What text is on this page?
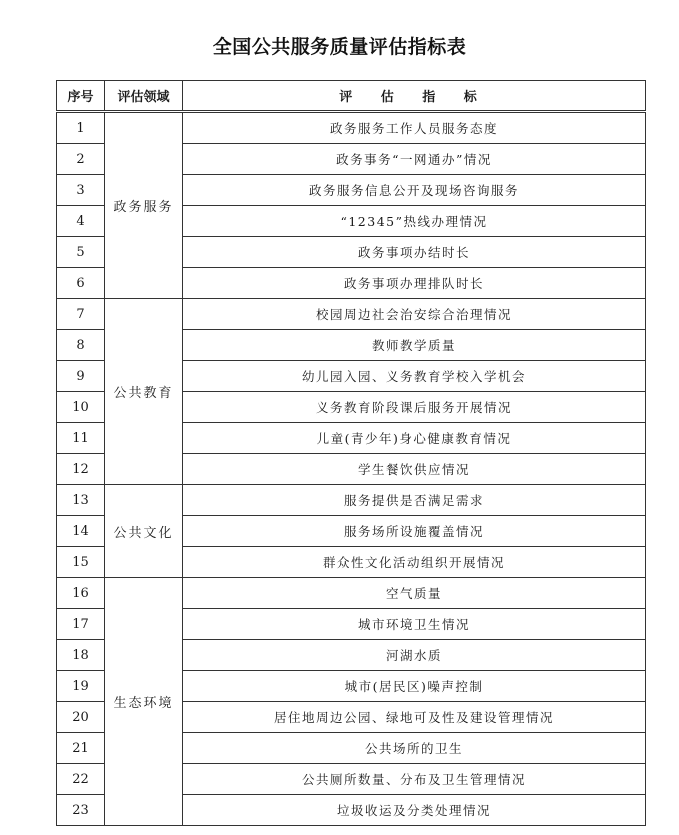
全国公共服务质量评估指标表
序号	评估领域	评 估 指 标
1	政务服务	政务服务工作人员服务态度
2		政务事务“一网通办”情况
3		政务服务信息公开及现场咨询服务
4		“12345”热线办理情况
5		政务事项办结时长
6		政务事项办理排队时长
7	公共教育	校园周边社会治安综合治理情况
8		教师教学质量
9		幼儿园入园、义务教育学校入学机会
10		义务教育阶段课后服务开展情况
11		儿童(青少年)身心健康教育情况
12		学生餐饮供应情况
13	公共文化	服务提供是否满足需求
14		服务场所设施覆盖情况
15		群众性文化活动组织开展情况
16	生态环境	空气质量
17		城市环境卫生情况
18		河湖水质
19		城市(居民区)噪声控制
20		居住地周边公园、绿地可及性及建设管理情况
21		公共场所的卫生
22		公共厕所数量、分布及卫生管理情况
23		垃圾收运及分类处理情况
